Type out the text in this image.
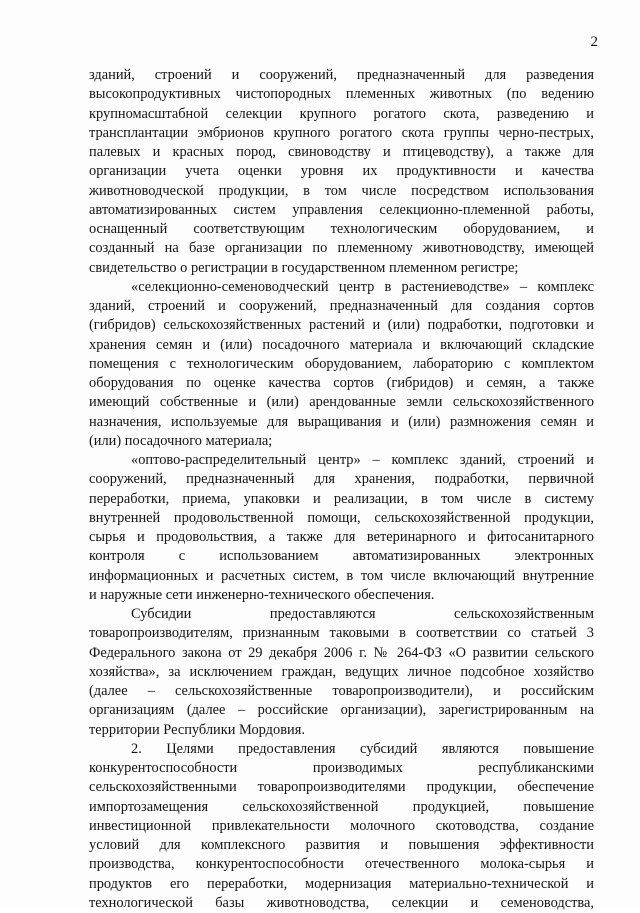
2
зданий, строений и сооружений, предназначенный для разведения
высокопродуктивных чистопородных племенных животных (по ведению
крупномасштабной селекции крупного рогатого скота, разведению и
трансплантации эмбрионов крупного рогатого скота группы черно-пестрых,
палевых и красных пород, свиноводству и птицеводству), а также для
организации учета оценки уровня их продуктивности и качества
животноводческой продукции, в том числе посредством использования
автоматизированных систем управления селекционно-племенной работы,
оснащенный соответствующим технологическим оборудованием, и
созданный на базе организации по племенному животноводству, имеющей
свидетельство о регистрации в государственном племенном регистре;
«селекционно-семеноводческий центр в растениеводстве» – комплекс
зданий, строений и сооружений, предназначенный для создания сортов
(гибридов) сельскохозяйственных растений и (или) подработки, подготовки и
хранения семян и (или) посадочного материала и включающий складские
помещения с технологическим оборудованием, лабораторию с комплектом
оборудования по оценке качества сортов (гибридов) и семян, а также
имеющий собственные и (или) арендованные земли сельскохозяйственного
назначения, используемые для выращивания и (или) размножения семян и
(или) посадочного материала;
«оптово-распределительный центр» – комплекс зданий, строений и
сооружений, предназначенный для хранения, подработки, первичной
переработки, приема, упаковки и реализации, в том числе в систему
внутренней продовольственной помощи, сельскохозяйственной продукции,
сырья и продовольствия, а также для ветеринарного и фитосанитарного
контроля с использованием автоматизированных электронных
информационных и расчетных систем, в том числе включающий внутренние
и наружные сети инженерно-технического обеспечения.
Субсидии предоставляются сельскохозяйственным
товаропроизводителям, признанным таковыми в соответствии со статьей 3
Федерального закона от 29 декабря 2006 г. № 264-ФЗ «О развитии сельского
хозяйства», за исключением граждан, ведущих личное подсобное хозяйство
(далее – сельскохозяйственные товаропроизводители), и российским
организациям (далее – российские организации), зарегистрированным на
территории Республики Мордовия.
2. Целями предоставления субсидий являются повышение
конкурентоспособности производимых республиканскими
сельскохозяйственными товаропроизводителями продукции, обеспечение
импортозамещения сельскохозяйственной продукцией, повышение
инвестиционной привлекательности молочного скотоводства, создание
условий для комплексного развития и повышения эффективности
производства, конкурентоспособности отечественного молока-сырья и
продуктов его переработки, модернизация материально-технической и
технологической базы животноводства, селекции и семеноводства,
